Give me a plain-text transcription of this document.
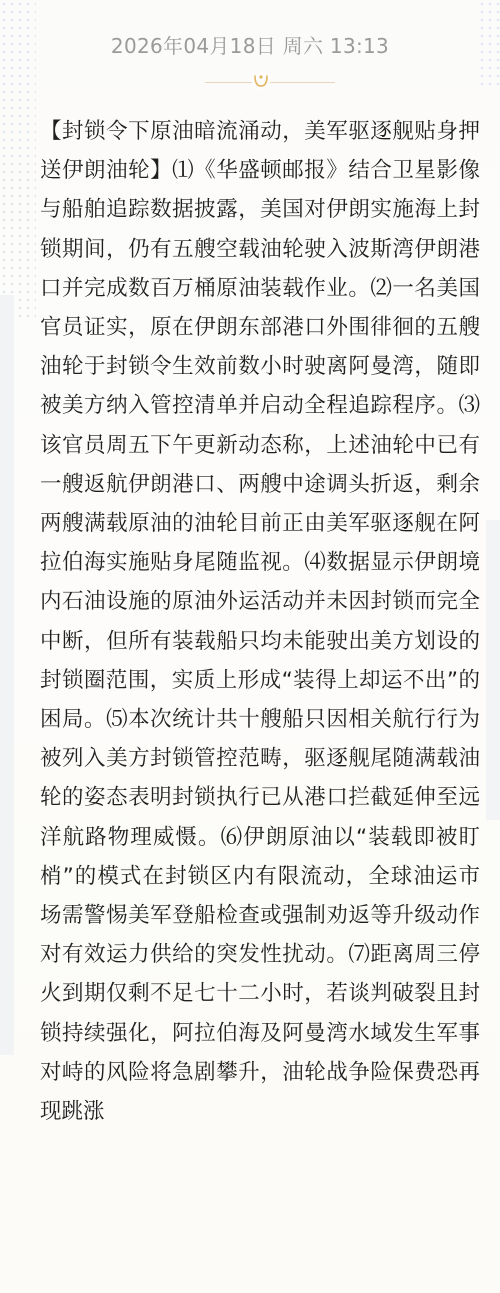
2026年04月18日 周六 13:13
【封锁令下原油暗流涌动，美军驱逐舰贴身押送伊朗油轮】⑴《华盛顿邮报》结合卫星影像与船舶追踪数据披露，美国对伊朗实施海上封锁期间，仍有五艘空载油轮驶入波斯湾伊朗港口并完成数百万桶原油装载作业。⑵一名美国官员证实，原在伊朗东部港口外围徘徊的五艘油轮于封锁令生效前数小时驶离阿曼湾，随即被美方纳入管控清单并启动全程追踪程序。⑶该官员周五下午更新动态称，上述油轮中已有一艘返航伊朗港口、两艘中途调头折返，剩余两艘满载原油的油轮目前正由美军驱逐舰在阿拉伯海实施贴身尾随监视。⑷数据显示伊朗境内石油设施的原油外运活动并未因封锁而完全中断，但所有装载船只均未能驶出美方划设的封锁圈范围，实质上形成“装得上却运不出”的困局。⑸本次统计共十艘船只因相关航行行为被列入美方封锁管控范畴，驱逐舰尾随满载油轮的姿态表明封锁执行已从港口拦截延伸至远洋航路物理威慑。⑹伊朗原油以“装载即被盯梢”的模式在封锁区内有限流动，全球油运市场需警惕美军登船检查或强制劝返等升级动作对有效运力供给的突发性扰动。⑺距离周三停火到期仅剩不足七十二小时，若谈判破裂且封锁持续强化，阿拉伯海及阿曼湾水域发生军事对峙的风险将急剧攀升，油轮战争险保费恐再现跳涨
